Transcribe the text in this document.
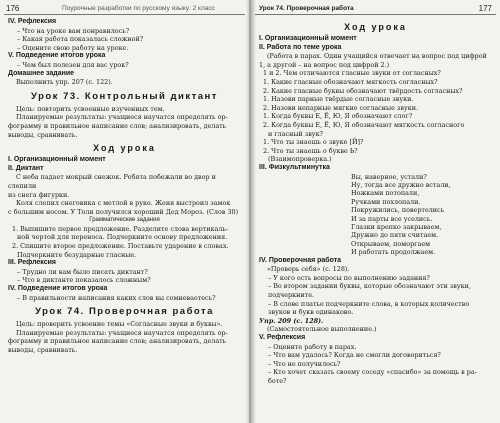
176	Поурочные разработки по русскому языку: 2 класс
IV. Рефлексия
– Что на уроке вам понравилось?
– Какая работа показалась сложной?
– Оцените свою работу на уроке.
V. Подведение итогов урока
– Чем был полезен для вас урок?
Домашнее задание
Выполнить упр. 207 (с. 122).
Урок 73. Контрольный диктант
Цель: повторить усвоенные изученных тем.
Планируемые результаты: учащиеся научатся определять ор-
фограмму и правильное написание слов; анализировать, делать
выводы, сравнивать.
Ход урока
I. Организационный момент
II. Диктант
С неба падает мокрый снежок. Ребята побежали во двор и слепили
из снега фигурки.
Коля слепил снеговика с метлой в руке. Женя выстроил замок
с большим носом. У Толи получился хороший Дед Мороз. (Слов 30)
Грамматические задания
1. Выпишите первое предложение. Разделите слова вертикаль-
ной чертой для переноса. Подчеркните основу предложения.
2. Спишите второе предложение. Поставьте ударение в словах.
Подчеркните безударные гласные.
III. Рефлексия
– Трудно ли вам было писать диктант?
– Что в диктанте показалось сложным?
IV. Подведение итогов урока
– В правильности написания каких слов вы сомневаетесь?
Урок 74. Проверочная работа
Цель: проверить усвоение темы «Согласные звуки и буквы».
Планируемые результаты: учащиеся научатся определять ор-
фограмму и правильное написание слов; анализировать, делать
выводы, сравнивать.
Урок 74. Проверочная работа	177
Ход урока
I. Организационный момент
II. Работа по теме урока
(Работа в парах. Один учащийся отвечает на вопрос под цифрой 1, а другой – на вопрос под цифрой 2.)
1 и 2. Чем отличаются гласные звуки от согласных?
1. Какие гласные обозначают мягкость согласных?
2. Какие гласные буквы обозначают твёрдость согласных?
1. Назови парные твёрдые согласные звуки.
2. Назови непарные мягкие согласные звуки.
1. Когда буквы Е, Ё, Ю, Я обозначают слог?
2. Когда буквы Е, Ё, Ю, Я обозначают мягкость согласного
и гласный звук?
1. Что ты знаешь о звуке [Й]?
2. Что ты знаешь о букве Ь?
(Взаимопроверка.)
III. Физкультминутка
Вы, наверное, устали?
Ну, тогда все дружно встали,
Ножками потопали,
Ручками похлопали.
Покружились, повертелись
И за парты все уселись.
Глазки крепко закрываем,
Дружно до пяти считаем.
Открываем, поморгаем
И работать продолжаем.
IV. Проверочная работа
«Проверь себя» (с. 128).
– У кого есть вопросы по выполнению задания?
– Во втором задании буквы, которые обозначают эти звуки,
подчеркните.
– В слове платье подчеркните слова, в которых количество
звуков и букв одинаково.
Упр. 209 (с. 128).
(Самостоятельное выполнение.)
V. Рефлексия
– Оцените работу в парах.
– Что вам удалось? Когда не смогли договориться?
– Что не получилось?
– Кто хочет сказать своему соседу «спасибо» за помощь в ра-
боте?
